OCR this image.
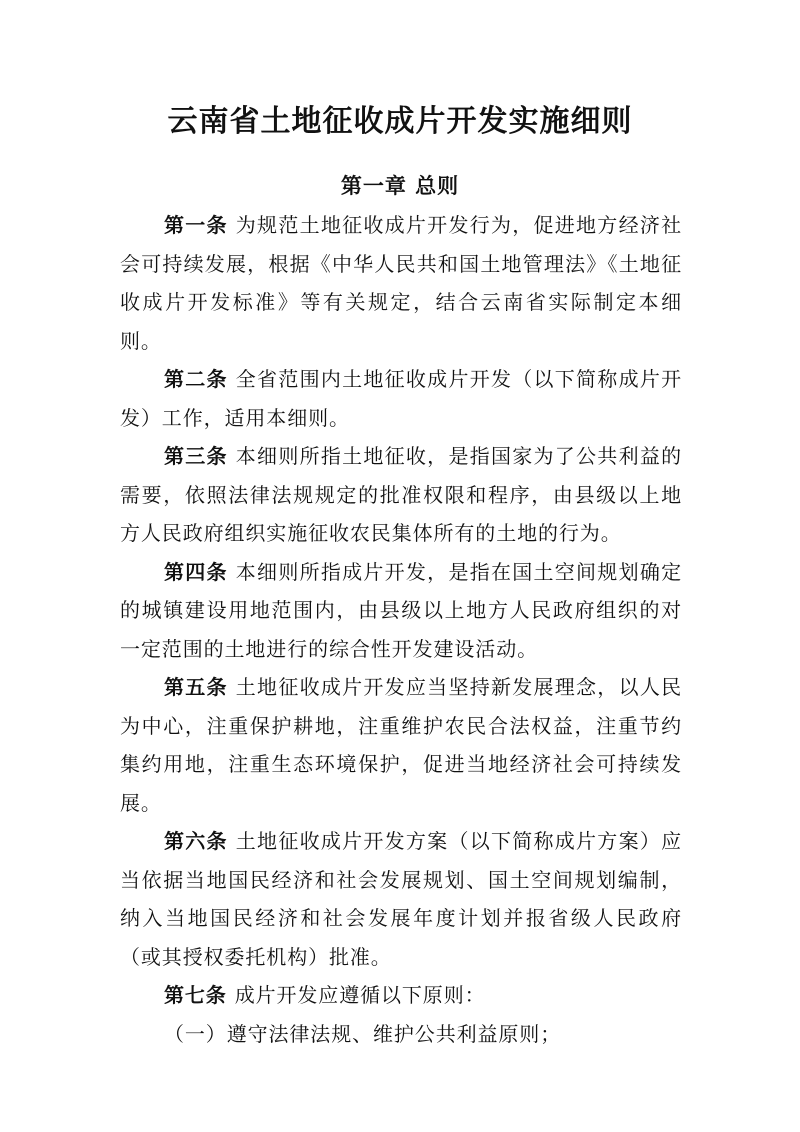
云南省土地征收成片开发实施细则
第一章 总则

第一条 为规范土地征收成片开发行为，促进地方经济社会可持续发展，根据《中华人民共和国土地管理法》《土地征收成片开发标准》等有关规定，结合云南省实际制定本细则。

第二条 全省范围内土地征收成片开发（以下简称成片开发）工作，适用本细则。

第三条 本细则所指土地征收，是指国家为了公共利益的需要，依照法律法规规定的批准权限和程序，由县级以上地方人民政府组织实施征收农民集体所有的土地的行为。

第四条 本细则所指成片开发，是指在国土空间规划确定的城镇建设用地范围内，由县级以上地方人民政府组织的对一定范围的土地进行的综合性开发建设活动。

第五条 土地征收成片开发应当坚持新发展理念，以人民为中心，注重保护耕地，注重维护农民合法权益，注重节约集约用地，注重生态环境保护，促进当地经济社会可持续发展。

第六条 土地征收成片开发方案（以下简称成片方案）应当依据当地国民经济和社会发展规划、国土空间规划编制，纳入当地国民经济和社会发展年度计划并报省级人民政府（或其授权委托机构）批准。

第七条 成片开发应遵循以下原则：

（一）遵守法律法规、维护公共利益原则；
